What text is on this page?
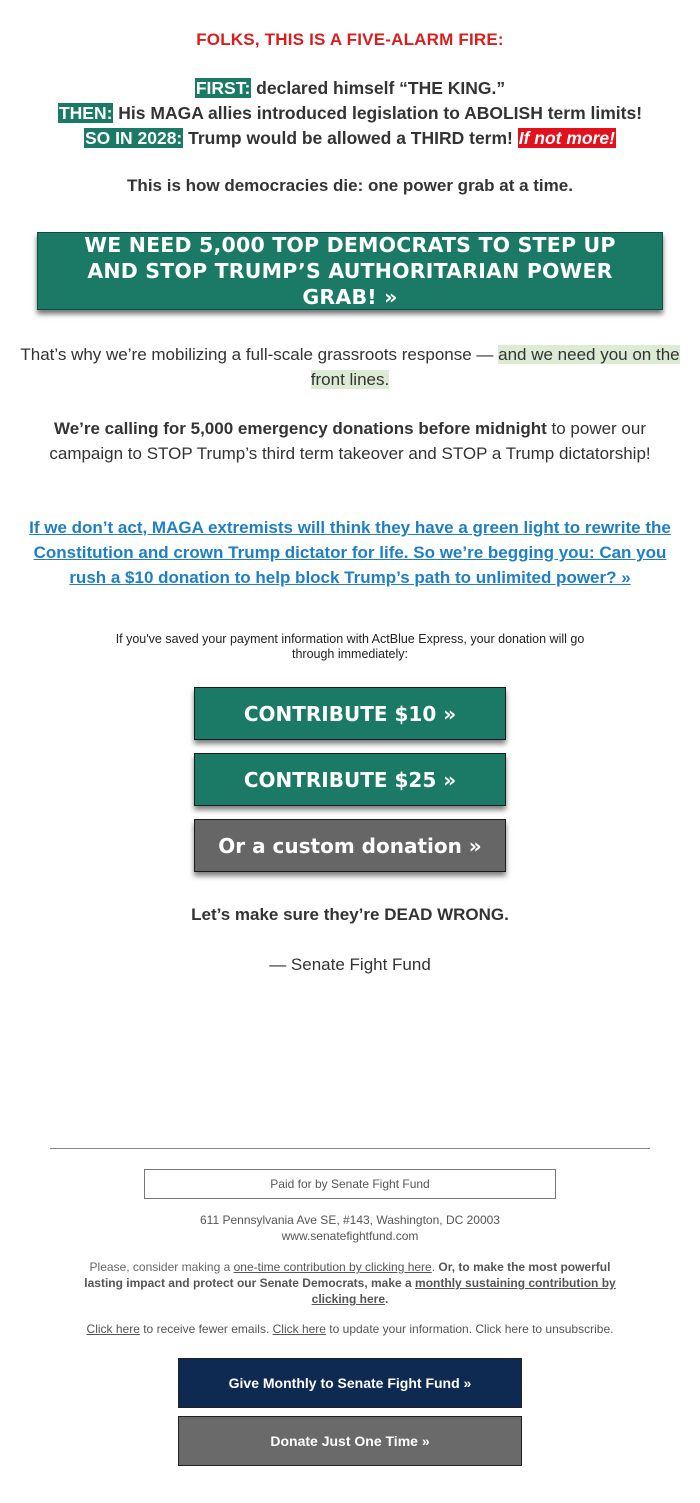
FOLKS, THIS IS A FIVE-ALARM FIRE:
FIRST: declared himself “THE KING.”
THEN: His MAGA allies introduced legislation to ABOLISH term limits!
SO IN 2028: Trump would be allowed a THIRD term! If not more!
This is how democracies die: one power grab at a time.
WE NEED 5,000 TOP DEMOCRATS TO STEP UP AND STOP TRUMP’S AUTHORITARIAN POWER GRAB! »
That’s why we’re mobilizing a full-scale grassroots response — and we need you on the front lines.
We’re calling for 5,000 emergency donations before midnight to power our campaign to STOP Trump’s third term takeover and STOP a Trump dictatorship!
If we don’t act, MAGA extremists will think they have a green light to rewrite the Constitution and crown Trump dictator for life. So we’re begging you: Can you rush a $10 donation to help block Trump’s path to unlimited power? »
If you've saved your payment information with ActBlue Express, your donation will go through immediately:
CONTRIBUTE $10 »
CONTRIBUTE $25 »
Or a custom donation »
Let’s make sure they’re DEAD WRONG.
— Senate Fight Fund
Paid for by Senate Fight Fund
611 Pennsylvania Ave SE, #143, Washington, DC 20003
www.senatefightfund.com
Please, consider making a one-time contribution by clicking here. Or, to make the most powerful lasting impact and protect our Senate Democrats, make a monthly sustaining contribution by clicking here.
Click here to receive fewer emails. Click here to update your information. Click here to unsubscribe.
Give Monthly to Senate Fight Fund »
Donate Just One Time »
